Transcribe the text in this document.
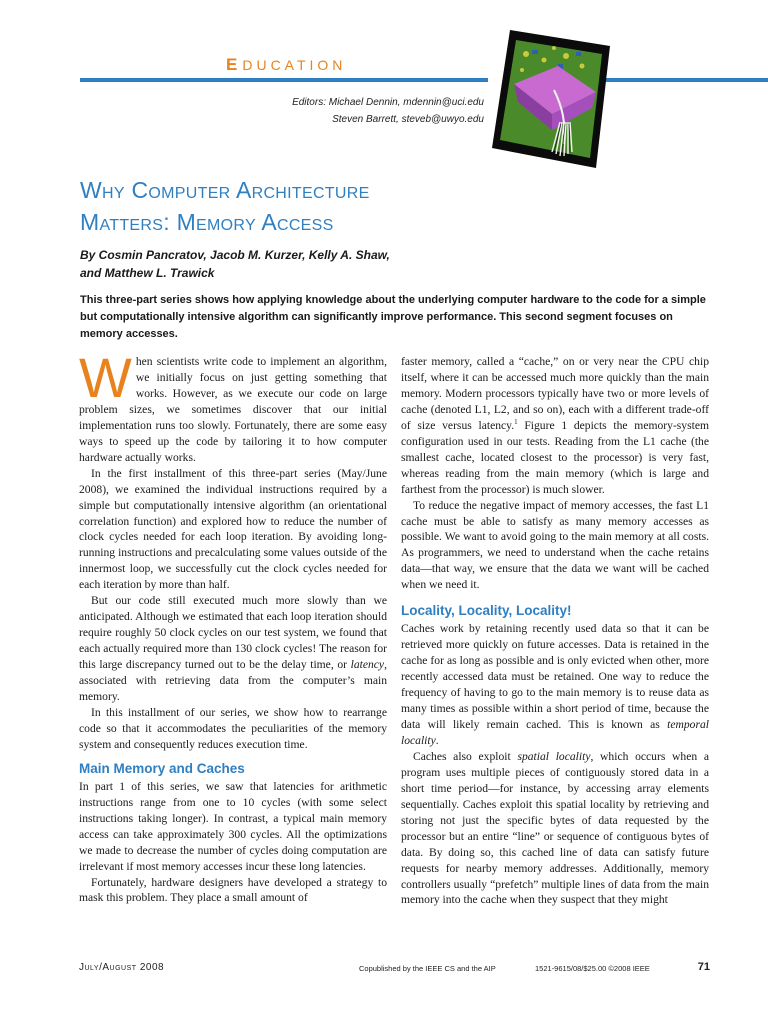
EDUCATION
Editors: Michael Dennin, mdennin@uci.edu
Steven Barrett, steveb@uwyo.edu
Why Computer Architecture
Matters: Memory Access
By Cosmin Pancratov, Jacob M. Kurzer, Kelly A. Shaw,
and Matthew L. Trawick
This three-part series shows how applying knowledge about the underlying computer hardware to the code for a simple but computationally intensive algorithm can significantly improve performance. This second segment focuses on memory accesses.

When scientists write code to implement an algorithm, we initially focus on just getting something that works. However, as we execute our code on large problem sizes, we sometimes discover that our initial implementation runs too slowly. Fortunately, there are some easy ways to speed up the code by tailoring it to how computer hardware actually works.

In the first installment of this three-part series (May/June 2008), we examined the individual instructions required by a simple but computationally intensive algorithm (an orientational correlation function) and explored how to reduce the number of clock cycles needed for each loop iteration. By avoiding long-running instructions and precalculating some values outside of the innermost loop, we successfully cut the clock cycles needed for each iteration by more than half.

But our code still executed much more slowly than we anticipated. Although we estimated that each loop iteration should require roughly 50 clock cycles on our test system, we found that each actually required more than 130 clock cycles! The reason for this large discrepancy turned out to be the delay time, or latency, associated with retrieving data from the computer’s main memory.

In this installment of our series, we show how to rearrange code so that it accommodates the peculiarities of the memory system and consequently reduces execution time.

Main Memory and Caches

In part 1 of this series, we saw that latencies for arithmetic instructions range from one to 10 cycles (with some select instructions taking longer). In contrast, a typical main memory access can take approximately 300 cycles. All the optimizations we made to decrease the number of cycles doing computation are irrelevant if most memory accesses incur these long latencies.

Fortunately, hardware designers have developed a strategy to mask this problem. They place a small amount of

faster memory, called a “cache,” on or very near the CPU chip itself, where it can be accessed much more quickly than the main memory. Modern processors typically have two or more levels of cache (denoted L1, L2, and so on), each with a different trade-off of size versus latency.$^1$ Figure 1 depicts the memory-system configuration used in our tests. Reading from the L1 cache (the smallest cache, located closest to the processor) is very fast, whereas reading from the main memory (which is large and farthest from the processor) is much slower.

To reduce the negative impact of memory accesses, the fast L1 cache must be able to satisfy as many memory accesses as possible. We want to avoid going to the main memory at all costs. As programmers, we need to understand when the cache retains data—that way, we ensure that the data we want will be cached when we need it.

Locality, Locality, Locality!

Caches work by retaining recently used data so that it can be retrieved more quickly on future accesses. Data is retained in the cache for as long as possible and is only evicted when other, more recently accessed data must be retained. One way to reduce the frequency of having to go to the main memory is to reuse data as many times as possible within a short period of time, because the data will likely remain cached. This is known as temporal locality.

Caches also exploit spatial locality, which occurs when a program uses multiple pieces of contiguously stored data in a short time period—for instance, by accessing array elements sequentially. Caches exploit this spatial locality by retrieving and storing not just the specific bytes of data requested by the processor but an entire “line” or sequence of contiguous bytes of data. By doing so, this cached line of data can satisfy future requests for nearby memory addresses. Additionally, memory controllers usually “prefetch” multiple lines of data from the main memory into the cache when they suspect that they might

July/August 2008	Copublished by the IEEE CS and the AIP	1521-9615/08/$25.00 ©2008 IEEE	71
